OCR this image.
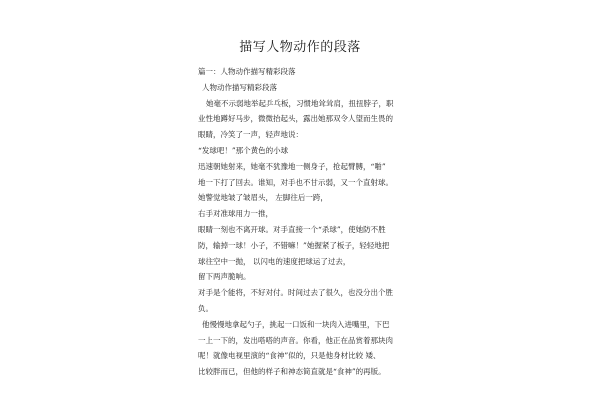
描写人物动作的段落
篇一：人物动作描写精彩段落
人物动作描写精彩段落
她毫不示弱地举起乒乓板，习惯地耸耸肩，扭扭脖子，职
业性地蹲好马步，微微抬起头，露出她那双令人望而生畏的
眼睛，冷笑了一声，轻声地说：
“发球吧！”那个黄色的小球
迅速朝她射来，她毫不犹豫地一侧身子，抢起臂膊，“啪”
地一下打了回去。谁知，对手也不甘示弱，又一个直射球。
她警觉地皱了皱眉头， 左脚往后一跨，
右手对准球用力一推，
眼睛一刻也不离开球。对手直接一个“杀球”，使她防不胜
防，输掉一球！小子，不错嘛！”她握紧了板子，轻轻地把
球往空中一抛， 以闪电的速度把球运了过去，
留下两声脆响。
对手是个能将，不好对付。时间过去了很久，也没分出个胜
负。
他慢慢地拿起勺子，挑起一口饭和一块肉入进嘴里，下巴
一上一下的，发出嗒嗒的声音。你看，他正在品赏着那块肉
呢！就像电视里演的“食神”似的，只是他身材比较 矮、
比较胖而已，但他的样子和神态简直就是“食神”的再版。
